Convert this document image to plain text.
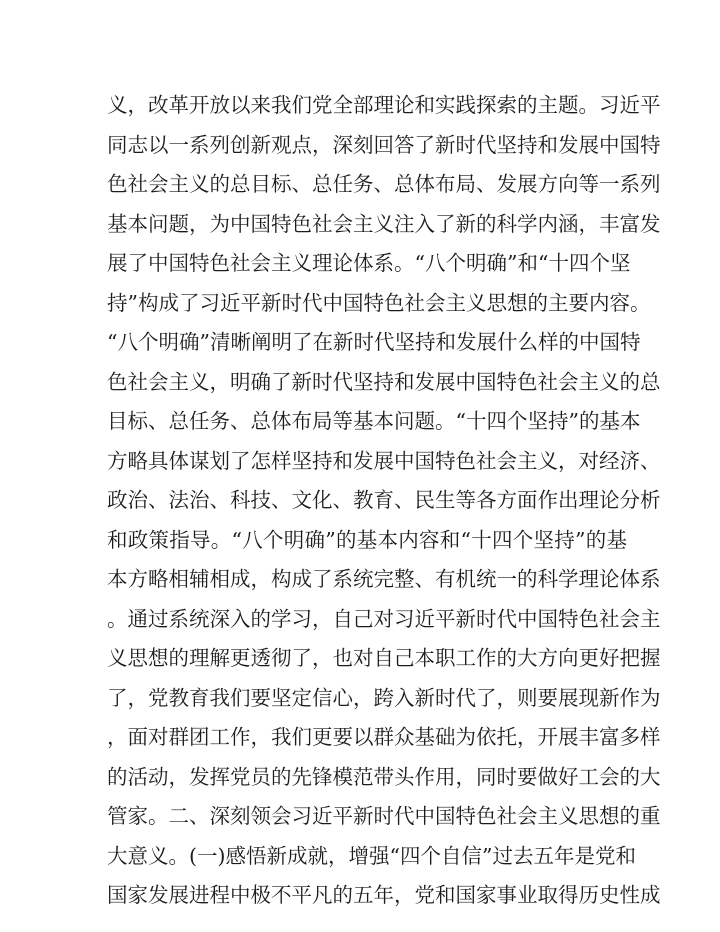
义，改革开放以来我们党全部理论和实践探索的主题。习近平
同志以一系列创新观点，深刻回答了新时代坚持和发展中国特
色社会主义的总目标、总任务、总体布局、发展方向等一系列
基本问题，为中国特色社会主义注入了新的科学内涵，丰富发
展了中国特色社会主义理论体系。“八个明确”和“十四个坚
持”构成了习近平新时代中国特色社会主义思想的主要内容。
“八个明确”清晰阐明了在新时代坚持和发展什么样的中国特
色社会主义，明确了新时代坚持和发展中国特色社会主义的总
目标、总任务、总体布局等基本问题。“十四个坚持”的基本
方略具体谋划了怎样坚持和发展中国特色社会主义，对经济、
政治、法治、科技、文化、教育、民生等各方面作出理论分析
和政策指导。“八个明确”的基本内容和“十四个坚持”的基
本方略相辅相成，构成了系统完整、有机统一的科学理论体系
。通过系统深入的学习，自己对习近平新时代中国特色社会主
义思想的理解更透彻了，也对自己本职工作的大方向更好把握
了，党教育我们要坚定信心，跨入新时代了，则要展现新作为
，面对群团工作，我们更要以群众基础为依托，开展丰富多样
的活动，发挥党员的先锋模范带头作用，同时要做好工会的大
管家。二、深刻领会习近平新时代中国特色社会主义思想的重
大意义。(一)感悟新成就，增强“四个自信”过去五年是党和
国家发展进程中极不平凡的五年，党和国家事业取得历史性成
